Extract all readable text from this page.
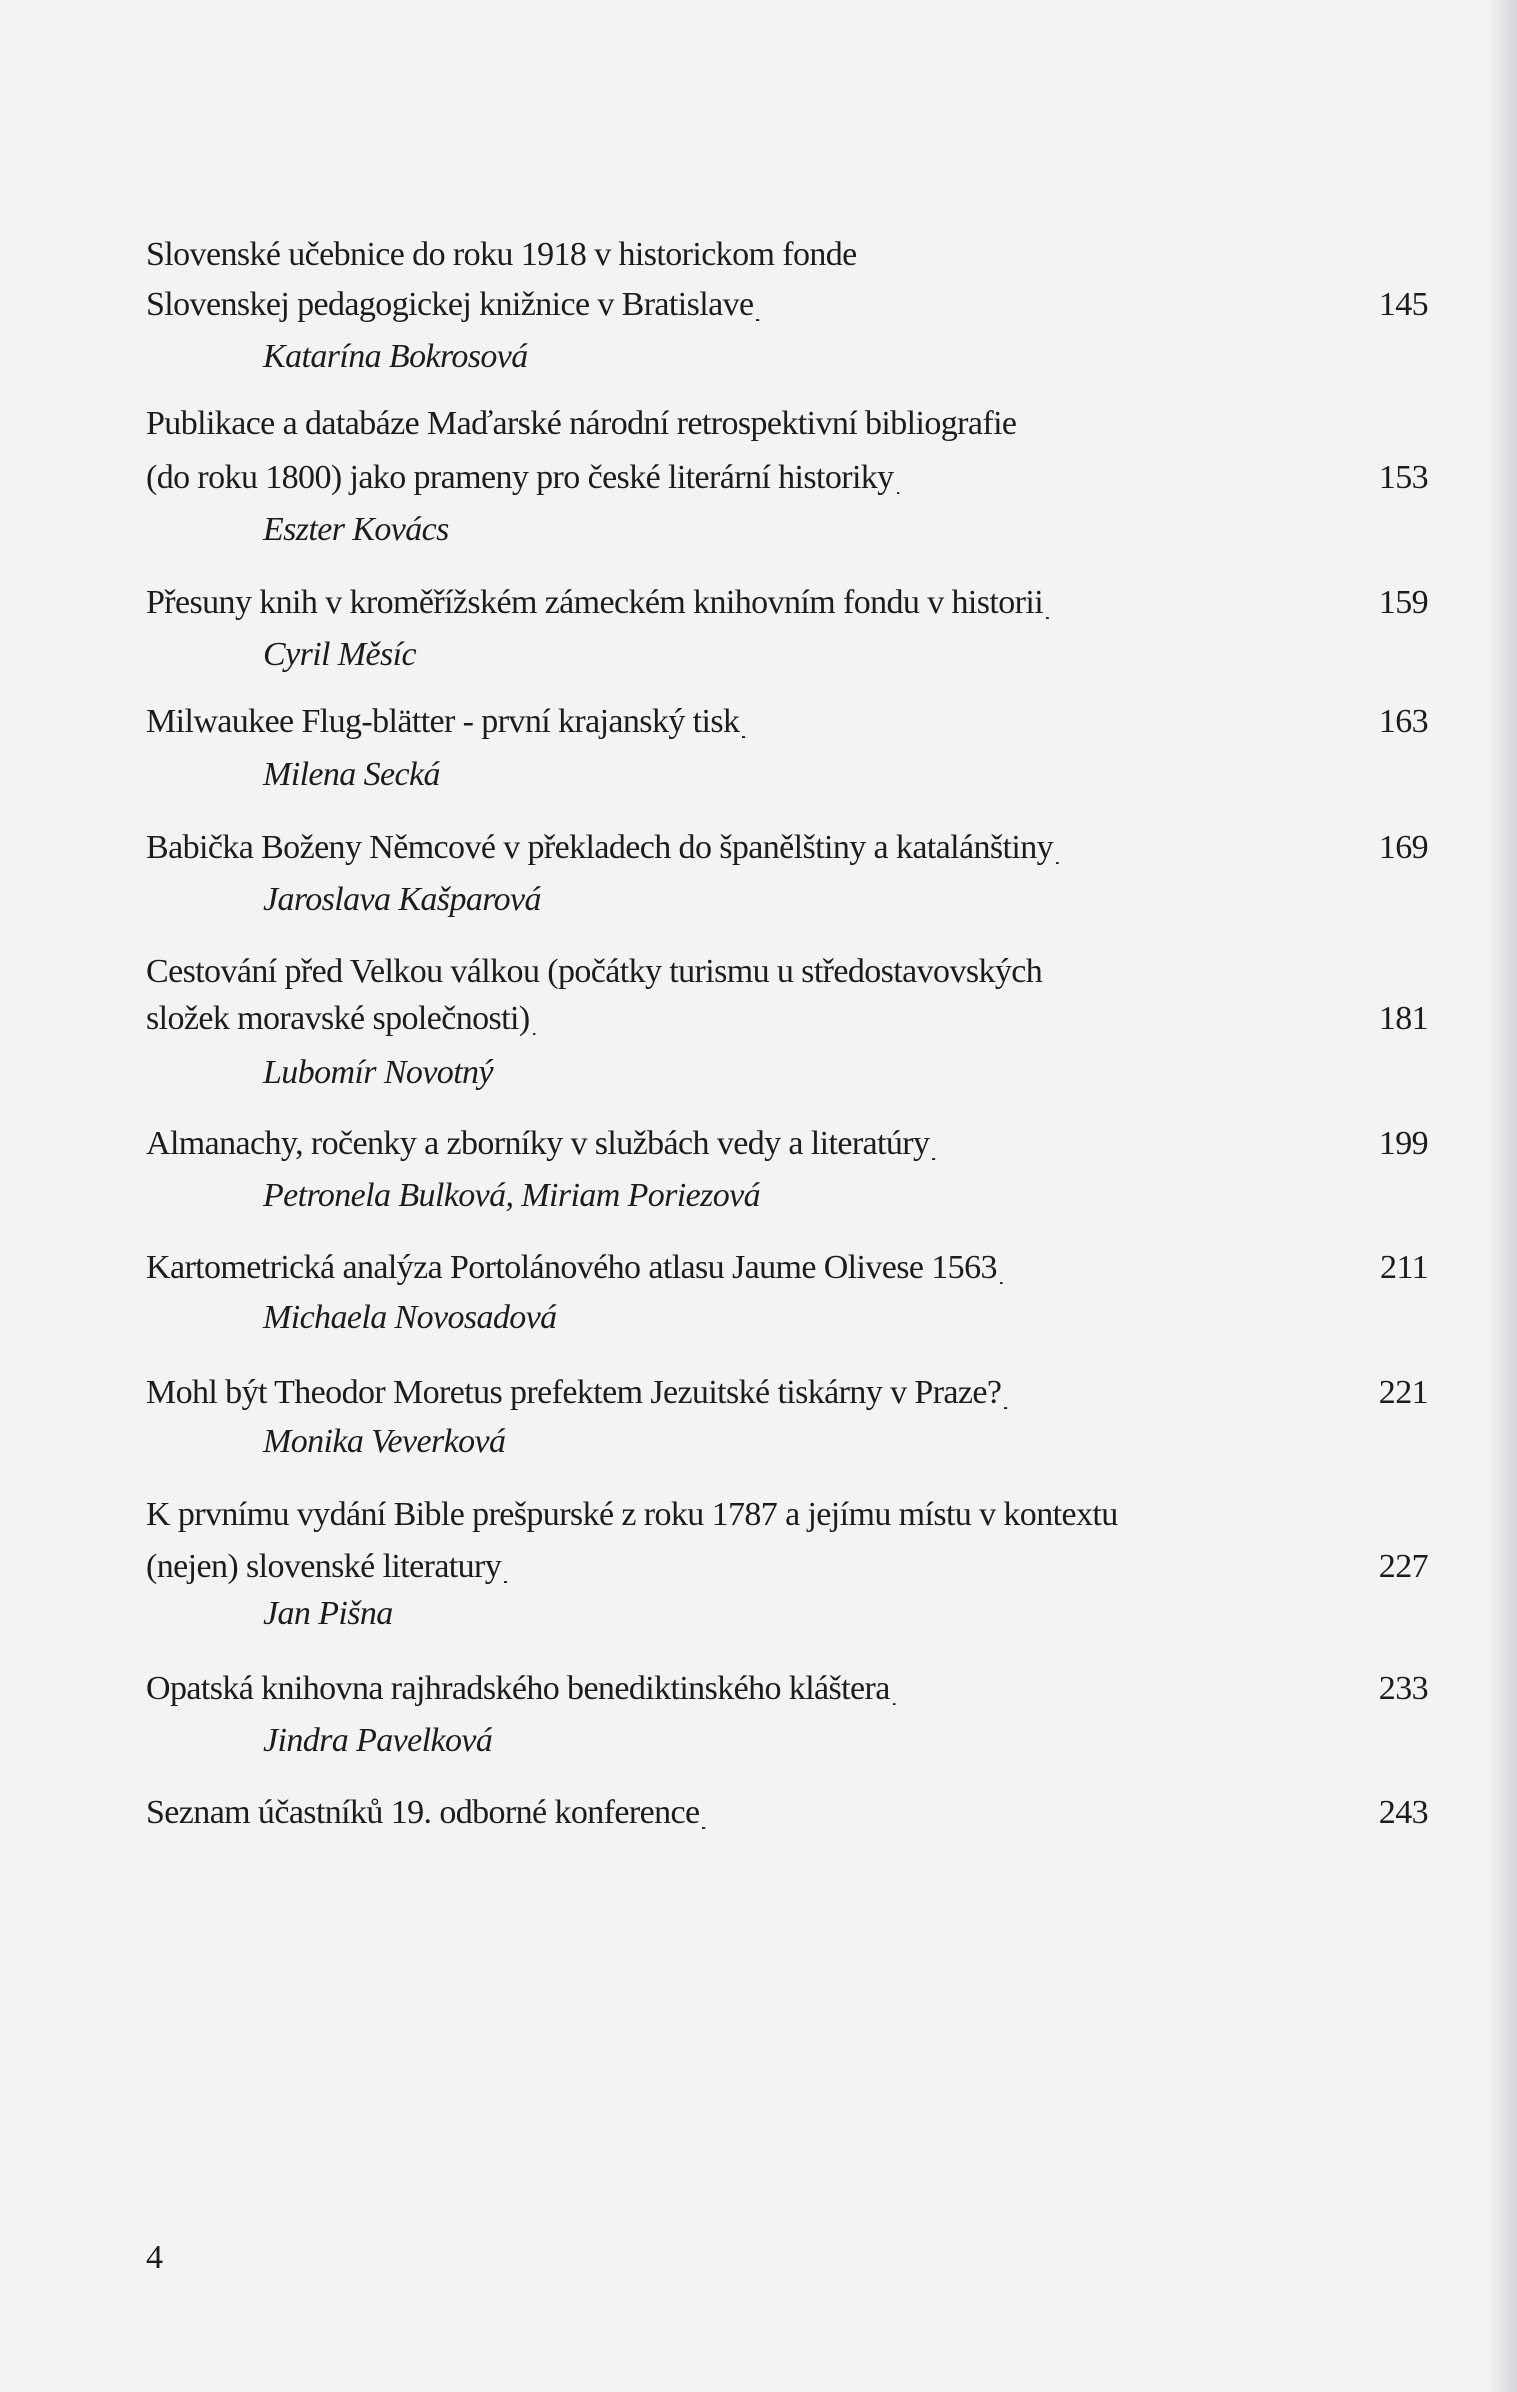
Slovenské učebnice do roku 1918 v historickom fonde
Slovenskej pedagogickej knižnice v Bratislave . . .	145
Katarína Bokrosová
Publikace a databáze Maďarské národní retrospektivní bibliografie
(do roku 1800) jako prameny pro české literární historiky . . .	153
Eszter Kovács
Přesuny knih v kroměřížském zámeckém knihovním fondu v historii . . .	159
Cyril Měsíc
Milwaukee Flug-blätter - první krajanský tisk . . .	163
Milena Secká
Babička Boženy Němcové v překladech do španělštiny a katalánštiny . . .	169
Jaroslava Kašparová
Cestování před Velkou válkou (počátky turismu u středostavovských
složek moravské společnosti) . . .	181
Lubomír Novotný
Almanachy, ročenky a zborníky v službách vedy a literatúry . . .	199
Petronela Bulková, Miriam Poriezová
Kartometrická analýza Portolánového atlasu Jaume Olivese 1563 . . .	211
Michaela Novosadová
Mohl být Theodor Moretus prefektem Jezuitské tiskárny v Praze? . . .	221
Monika Veverková
K prvnímu vydání Bible prešpurské z roku 1787 a jejímu místu v kontextu
(nejen) slovenské literatury . . .	227
Jan Pišna
Opatská knihovna rajhradského benediktinského kláštera . . .	233
Jindra Pavelková
Seznam účastníků 19. odborné konference . . .	243
4
